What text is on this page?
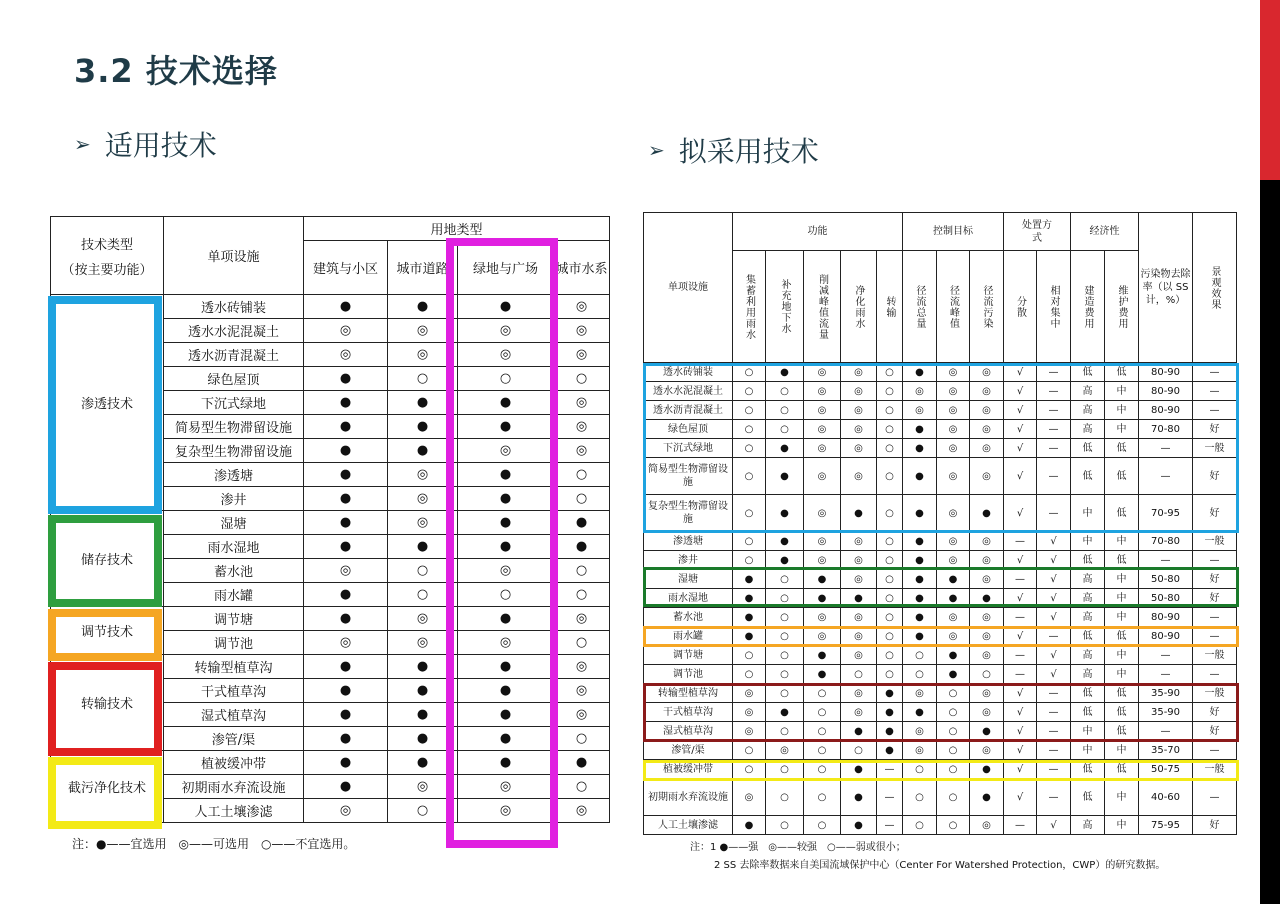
3.2 技术选择
➢ 适用技术	➢ 拟采用技术
技术类型
（按主要功能）	单项设施	用地类型			
		建筑与小区	城市道路	绿地与广场	城市水系
渗透技术	透水砖铺装	●	●	●	◎
	透水水泥混凝土	◎	◎	◎	◎
	透水沥青混凝土	◎	◎	◎	◎
	绿色屋顶	●	○	○	○
	下沉式绿地	●	●	●	◎
	简易型生物滞留设施	●	●	●	◎
	复杂型生物滞留设施	●	●	◎	◎
	渗透塘	●	◎	●	○
	渗井	●	◎	●	○
储存技术	湿塘	●	◎	●	●
	雨水湿地	●	●	●	●
	蓄水池	◎	○	◎	○
	雨水罐	●	○	○	○
调节技术	调节塘	●	◎	●	◎
	调节池	◎	◎	◎	○
转输技术	转输型植草沟	●	●	●	◎
	干式植草沟	●	●	●	◎
	湿式植草沟	●	●	●	◎
	渗管/渠	●	●	●	○
截污净化技术	植被缓冲带	●	●	●	●
	初期雨水弃流设施	●	◎	◎	○
	人工土壤渗滤	◎	○	◎	◎
注：●——宜选用　◎——可选用　○——不宜选用。
单项设施	功能					控制目标			处置方式		经济性		污染物去除率（以 SS 计，%）	景观效果

	集蓄利用雨水	补充地下水	削减峰值流量	净化雨水	转输	径流总量	径流峰值	径流污染	分散	相对集中	建造费用	维护费用		

透水砖铺装	○	●	◎	◎	○	●	◎	◎	√	—	低	低	80-90	—
透水水泥混凝土	○	○	◎	◎	○	◎	◎	◎	√	—	高	中	80-90	—
透水沥青混凝土	○	○	◎	◎	○	◎	◎	◎	√	—	高	中	80-90	—
绿色屋顶	○	○	◎	◎	○	●	◎	◎	√	—	高	中	70-80	好
下沉式绿地	○	●	◎	◎	○	●	◎	◎	√	—	低	低	—	一般
简易型生物滞留设施	○	●	◎	◎	○	●	◎	◎	√	—	低	低	—	好
复杂型生物滞留设施	○	●	◎	●	○	●	◎	●	√	—	中	低	70-95	好
渗透塘	○	●	◎	◎	○	●	◎	◎	—	√	中	中	70-80	一般
渗井	○	●	◎	◎	○	●	◎	◎	√	√	低	低	—	—
湿塘	●	○	●	◎	○	●	●	◎	—	√	高	中	50-80	好
雨水湿地	●	○	●	●	○	●	●	●	√	√	高	中	50-80	好
蓄水池	●	○	◎	◎	○	●	◎	◎	—	√	高	中	80-90	—
雨水罐	●	○	◎	◎	○	●	◎	◎	√	—	低	低	80-90	—
调节塘	○	○	●	◎	○	○	●	◎	—	√	高	中	—	一般
调节池	○	○	●	○	○	○	●	○	—	√	高	中	—	—
转输型植草沟	◎	○	○	◎	●	◎	○	◎	√	—	低	低	35-90	一般
干式植草沟	◎	●	○	◎	●	●	○	◎	√	—	低	低	35-90	好
湿式植草沟	◎	○	○	●	●	◎	○	●	√	—	中	低	—	好
渗管/渠	○	◎	○	○	●	◎	○	◎	√	—	中	中	35-70	—
植被缓冲带	○	○	○	●	—	○	○	●	√	—	低	低	50-75	一般
初期雨水弃流设施	◎	○	○	●	—	○	○	●	√	—	低	中	40-60	—
人工土壤渗滤	●	○	○	●	—	○	○	◎	—	√	高	中	75-95	好
注：1 ●——强　◎——较强　○——弱或很小；
2 SS 去除率数据来自美国流域保护中心（Center For Watershed Protection，CWP）的研究数据。
